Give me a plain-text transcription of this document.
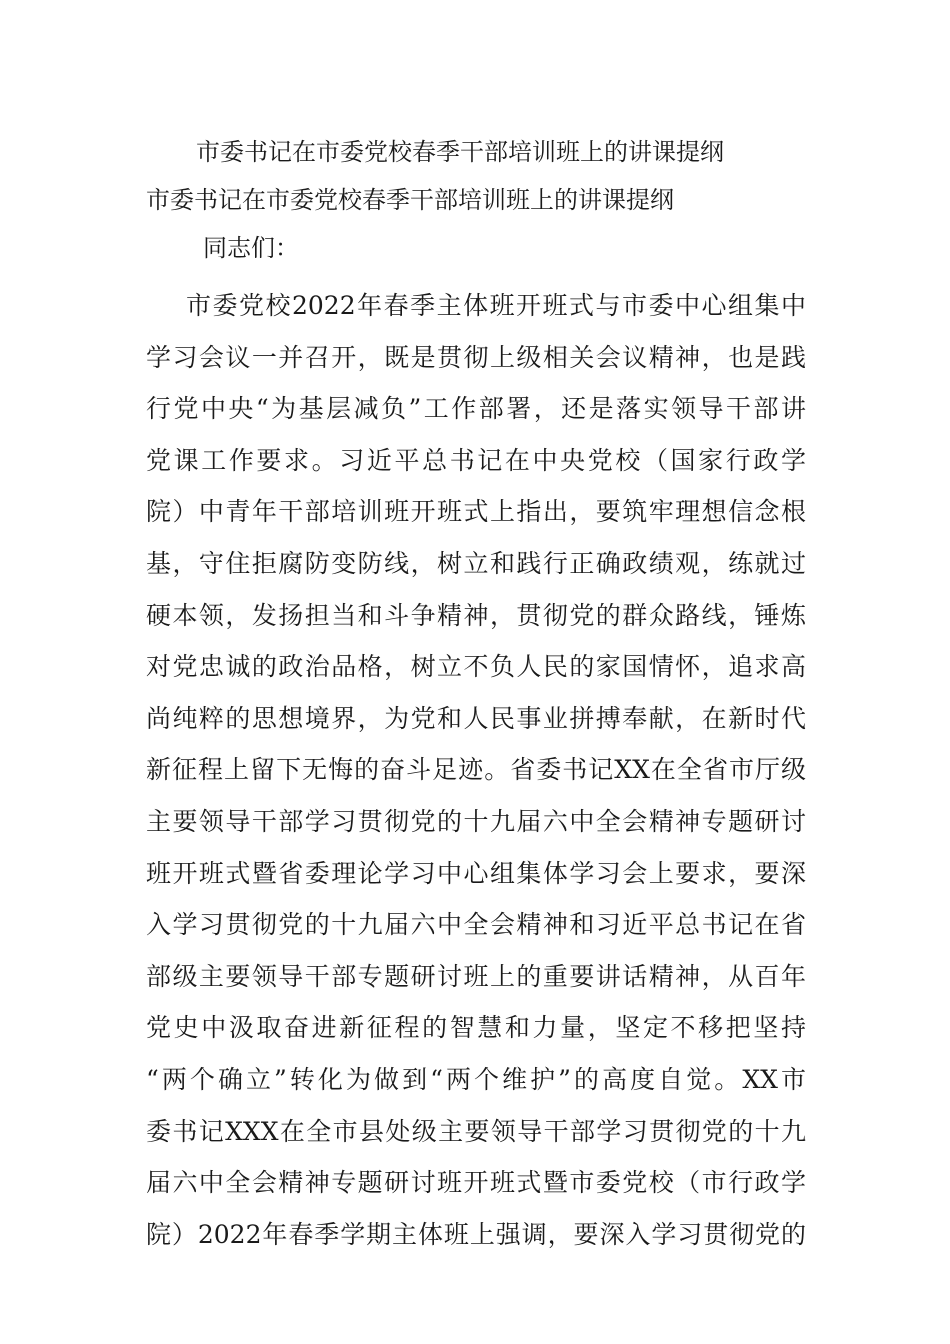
市委书记在市委党校春季干部培训班上的讲课提纲
市委书记在市委党校春季干部培训班上的讲课提纲
同志们：
市委党校2022年春季主体班开班式与市委中心组集中
学习会议一并召开，既是贯彻上级相关会议精神，也是践
行党中央“为基层减负”工作部署，还是落实领导干部讲
党课工作要求。习近平总书记在中央党校（国家行政学
院）中青年干部培训班开班式上指出，要筑牢理想信念根
基，守住拒腐防变防线，树立和践行正确政绩观，练就过
硬本领，发扬担当和斗争精神，贯彻党的群众路线，锤炼
对党忠诚的政治品格，树立不负人民的家国情怀，追求高
尚纯粹的思想境界，为党和人民事业拼搏奉献，在新时代
新征程上留下无悔的奋斗足迹。省委书记XX在全省市厅级
主要领导干部学习贯彻党的十九届六中全会精神专题研讨
班开班式暨省委理论学习中心组集体学习会上要求，要深
入学习贯彻党的十九届六中全会精神和习近平总书记在省
部级主要领导干部专题研讨班上的重要讲话精神，从百年
党史中汲取奋进新征程的智慧和力量，坚定不移把坚持
“两个确立”转化为做到“两个维护”的高度自觉。XX市
委书记XXX在全市县处级主要领导干部学习贯彻党的十九
届六中全会精神专题研讨班开班式暨市委党校（市行政学
院）2022年春季学期主体班上强调，要深入学习贯彻党的
